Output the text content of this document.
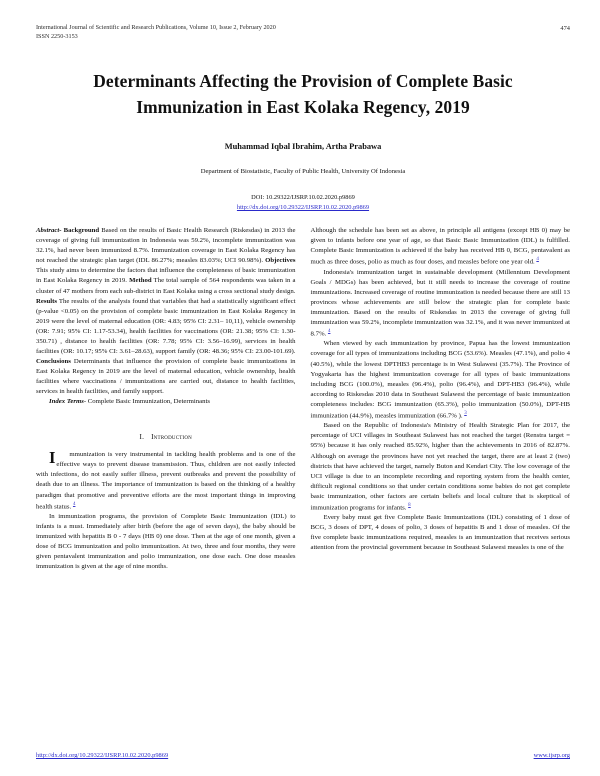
International Journal of Scientific and Research Publications, Volume 10, Issue 2, February 2020
ISSN 2250-3153
474
Determinants Affecting the Provision of Complete Basic Immunization in East Kolaka Regency, 2019
Muhammad Iqbal Ibrahim, Artha Prabawa
Department of Biostatistic, Faculty of Public Health, University Of Indonesia
DOI: 10.29322/IJSRP.10.02.2020.p9869
http://dx.doi.org/10.29322/IJSRP.10.02.2020.p9869

Abstract- Background Based on the results of Basic Health Research (Riskesdas) in 2013 the coverage of giving full immunization in Indonesia was 59.2%, incomplete immunization was 32.1%, had never been immunized 8.7%. Immunization coverage in East Kolaka Regency has not reached the strategic plan target (IDL 86.27%; measles 83.03%; UCI 90.98%). Objectives This study aims to determine the factors that influence the completeness of basic immunization in East Kolaka Regency in 2019. Method The total sample of 564 respondents was taken in a cluster of 47 mothers from each sub-district in East Kolaka using a cross sectional study design. Results The results of the analysis found that variables that had a statistically significant effect (p-value <0.05) on the provision of complete basic immunization in East Kolaka Regency in 2019 were the level of maternal education (OR: 4.83; 95% CI: 2.31– 10,11), vehicle ownership (OR: 7.91; 95% CI: 1.17-53.34), health facilities for vaccinations (OR: 21.38; 95% CI: 1.30-350.71) , distance to health facilities (OR: 7.78; 95% CI: 3.56–16.99), services in health facilities (OR: 10.17; 95% CI: 3.61–28.63), support family (OR: 48.36; 95% CI: 23.00-101.69). Conclusions Determinants that influence the provision of complete basic immunizations in East Kolaka Regency in 2019 are the level of maternal education, vehicle ownership, health facilities where vaccinations / immunizations are carried out, distance to health facilities, services in health facilities, and family support.

Index Terms- Complete Basic Immunization, Determinants

I. Introduction

I mmunization is very instrumental in tackling health problems and is one of the effective ways to prevent disease transmission. Thus, children are not easily infected with infections, do not easily suffer illness, prevent outbreaks and prevent the possibility of death due to an illness. The importance of immunization is based on the thinking of a healthy paradigm that promotive and preventive efforts are the most important things in improving health status. $^4$

In immunization programs, the provision of Complete Basic Immunization (IDL) to infants is a must. Immediately after birth (before the age of seven days), the baby should be immunized with hepatitis B 0 - 7 days (HB 0) one dose. Then at the age of one month, given a dose of BCG immunization and polio immunization. At two, three and four months, they were given pentavalent immunization and polio immunization, one dose each. One dose measles immunization is given at the age of nine months.

Although the schedule has been set as above, in principle all antigens (except HB 0) may be given to infants before one year of age, so that Basic Basic Immunization (IDL) is fulfilled. Complete Basic Immunization is achieved if the baby has received HB 0, BCG, pentavalent as much as three doses, polio as much as four doses, and measles before one year old. $^4$

Indonesia's immunization target in sustainable development (Millennium Development Goals / MDGs) has been achieved, but it still needs to increase the coverage of routine immunizations. Increased coverage of routine immunization is needed because there are still 13 provinces whose achievements are still below the strategic plan for complete basic immunization. Based on the results of Riskesdas in 2013 the coverage of giving full immunization was 59.2%, incomplete immunization was 32.1%, and it was never immunized at 8.7%. $^4$

When viewed by each immunization by province, Papua has the lowest immunization coverage for all types of immunizations including BCG (53.6%). Measles (47.1%), and polio 4 (40.5%), while the lowest DPTHB3 percentage is in West Sulawesi (35.7%). The Province of Yogyakarta has the highest immunization coverage for all types of basic immunizations including BCG (100.0%), measles (96.4%), polio (96.4%), and DPT-HB3 (96.4%), while according to Riskesdas 2010 data in Southeast Sulawesi the percentage of basic immunization completeness includes: BCG immunization (65.3%), polio immunization (50.0%), DPT-HB immunization (44.9%), measles immunization (66.7% ). $^3$

Based on the Republic of Indonesia's Ministry of Health Strategic Plan for 2017, the percentage of UCI villages in Southeast Sulawesi has not reached the target (Renstra target = 95%) because it has only reached 85.92%, higher than the achievements in 2016 of 82.87%. Although on average the provinces have not yet reached the target, there are at least 2 (two) districts that have achieved the target, namely Buton and Kendari City. The low coverage of the UCI village is due to an incomplete recording and reporting system from the health center, difficult regional conditions so that under certain conditions some babies do not get complete basic immunization, other factors are certain beliefs and local culture that is skeptical of immunization programs for infants. $^8$

Every baby must get five Complete Basic Immunizations (IDL) consisting of 1 dose of BCG, 3 doses of DPT, 4 doses of polio, 3 doses of hepatitis B and 1 dose of measles. Of the five complete basic immunizations required, measles is an immunization that receives serious attention from the provincial government because in Southeast Sulawesi measles is one of the

http://dx.doi.org/10.29322/IJSRP.10.02.2020.p9869	www.ijsrp.org
